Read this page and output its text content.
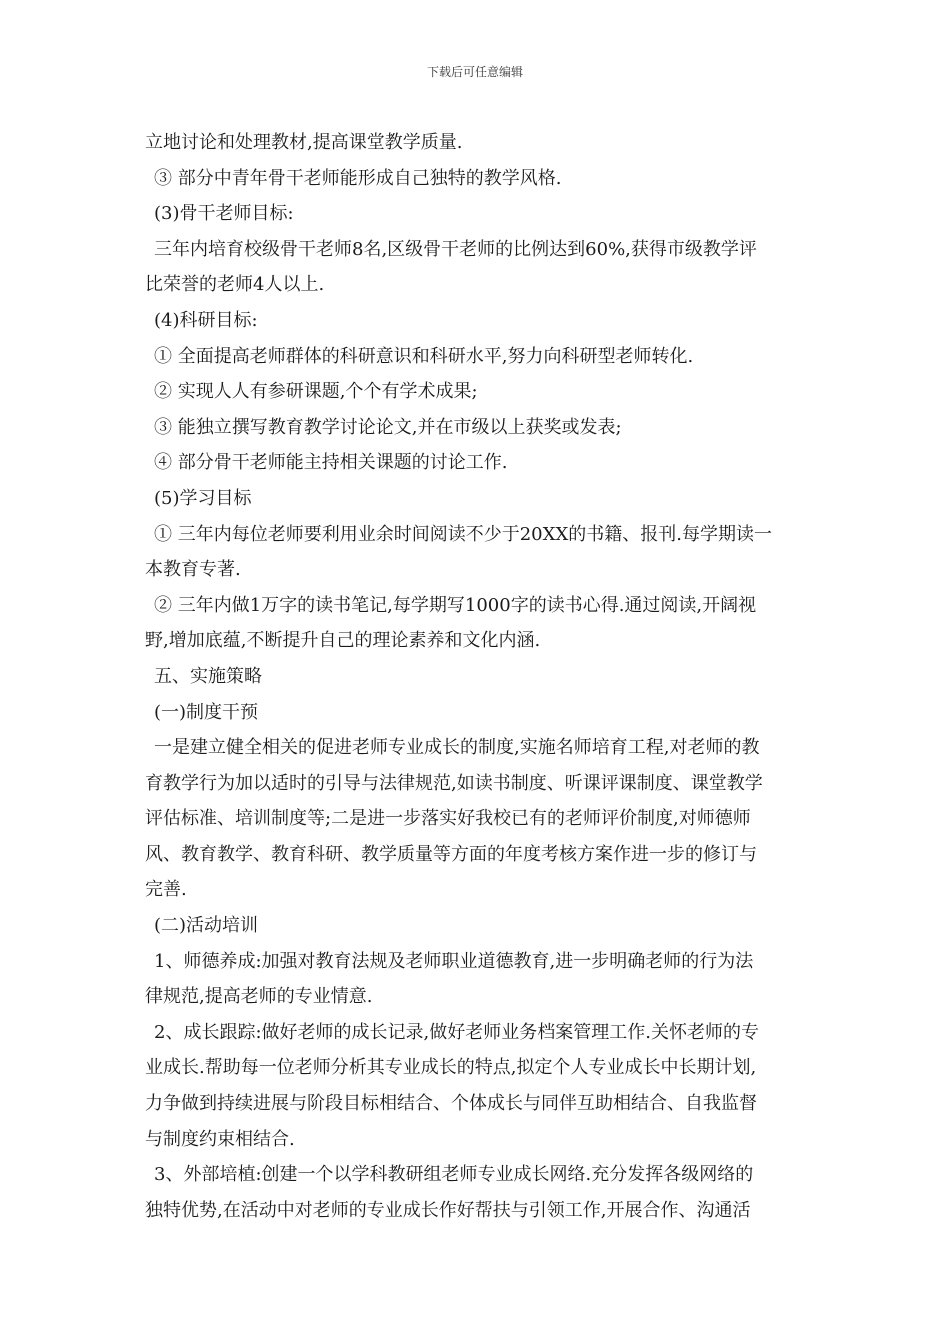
下载后可任意编辑
立地讨论和处理教材,提高课堂教学质量.
③ 部分中青年骨干老师能形成自己独特的教学风格.
(3)骨干老师目标:
三年内培育校级骨干老师8名,区级骨干老师的比例达到60%,获得市级教学评
比荣誉的老师4人以上.
(4)科研目标:
① 全面提高老师群体的科研意识和科研水平,努力向科研型老师转化.
② 实现人人有参研课题,个个有学术成果;
③ 能独立撰写教育教学讨论论文,并在市级以上获奖或发表;
④ 部分骨干老师能主持相关课题的讨论工作.
(5)学习目标
① 三年内每位老师要利用业余时间阅读不少于20XX的书籍、报刊.每学期读一
本教育专著.
② 三年内做1万字的读书笔记,每学期写1000字的读书心得.通过阅读,开阔视
野,增加底蕴,不断提升自己的理论素养和文化内涵.
五、实施策略
(一)制度干预
一是建立健全相关的促进老师专业成长的制度,实施名师培育工程,对老师的教
育教学行为加以适时的引导与法律规范,如读书制度、听课评课制度、课堂教学
评估标准、培训制度等;二是进一步落实好我校已有的老师评价制度,对师德师
风、教育教学、教育科研、教学质量等方面的年度考核方案作进一步的修订与
完善.
(二)活动培训
1、师德养成:加强对教育法规及老师职业道德教育,进一步明确老师的行为法
律规范,提高老师的专业情意.
2、成长跟踪:做好老师的成长记录,做好老师业务档案管理工作.关怀老师的专
业成长.帮助每一位老师分析其专业成长的特点,拟定个人专业成长中长期计划,
力争做到持续进展与阶段目标相结合、个体成长与同伴互助相结合、自我监督
与制度约束相结合.
3、外部培植:创建一个以学科教研组老师专业成长网络.充分发挥各级网络的
独特优势,在活动中对老师的专业成长作好帮扶与引领工作,开展合作、沟通活
